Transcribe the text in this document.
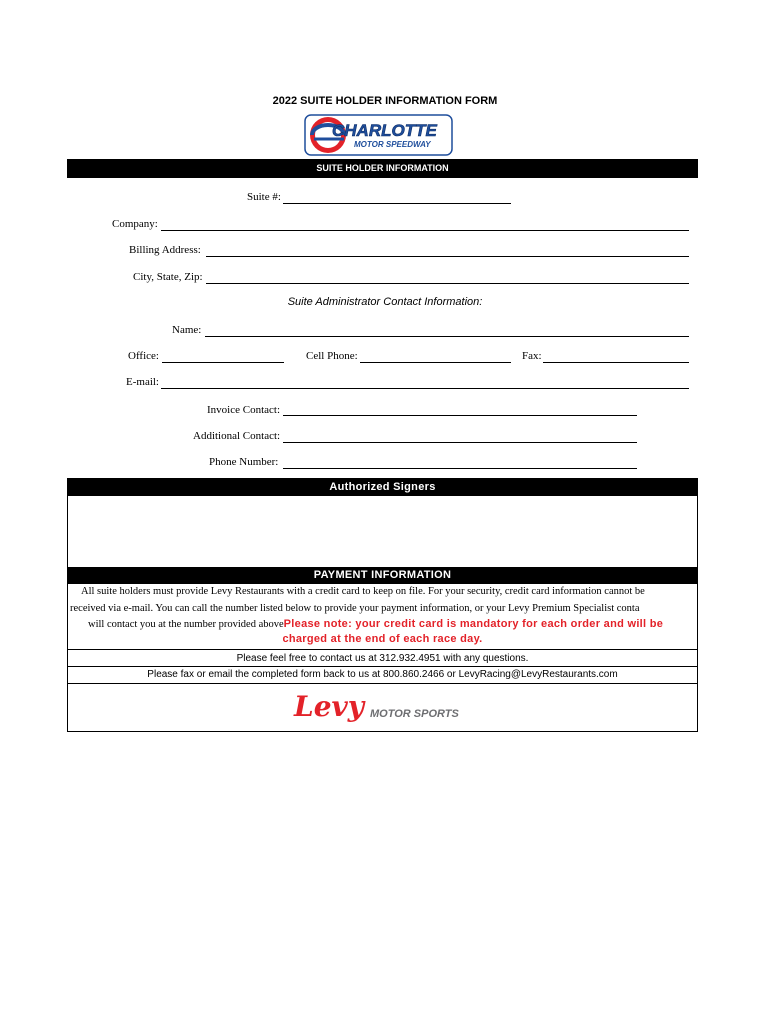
2022 SUITE HOLDER INFORMATION FORM
CHARLOTTE
MOTOR SPEEDWAY
SUITE HOLDER INFORMATION
Suite #:
Company:
Billing Address:
City, State, Zip:
Suite Administrator Contact Information:
Name:
Office:	Cell Phone:	Fax:
E-mail:
Invoice Contact:
Additional Contact:
Phone Number:
Authorized Signers
PAYMENT INFORMATION
All suite holders must provide Levy Restaurants with a credit card to keep on file. For your security, credit card information cannot be
received via e-mail. You can call the number listed below to provide your payment information, or your Levy Premium Specialist conta
will contact you at the number provided abovePlease note: your credit card is mandatory for each order and will be
charged at the end of each race day.
Please feel free to contact us at 312.932.4951 with any questions.
Please fax or email the completed form back to us at 800.860.2466 or LevyRacing@LevyRestaurants.com
Levy MOTOR SPORTS
